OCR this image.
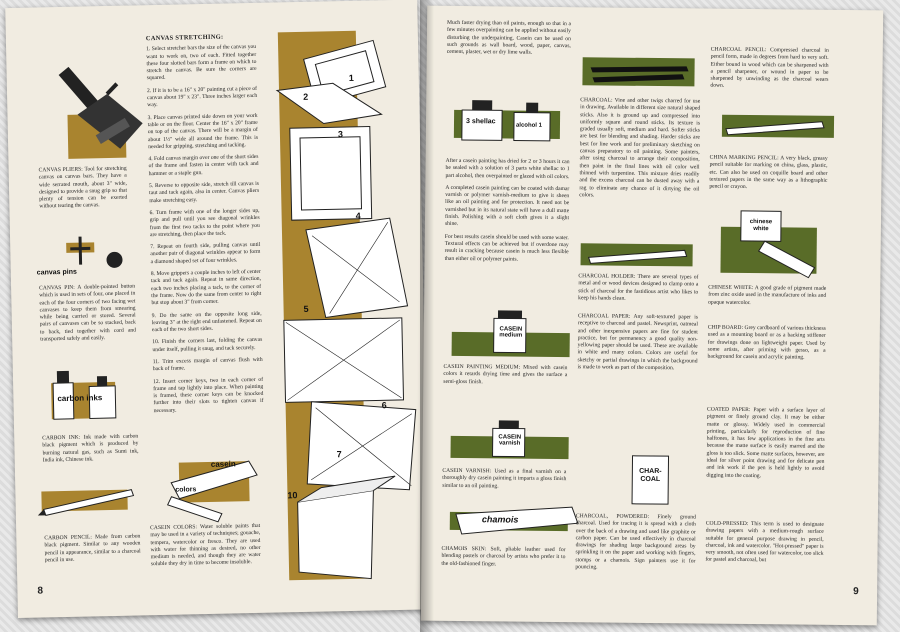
CANVAS PLIERS: Tool for stretching canvas on canvas bars. They have a wide serrated mouth, about 3" wide, designed to provide a snug grip so that plenty of tension can be exerted without tearing the canvas.
canvas pins
CANVAS PIN: A double-pointed button which is used in sets of four, one placed in each of the four corners of two facing wet canvases to keep them from smearing while being carried or stored. Several pairs of canvases can be so stacked, back to back, tied together with cord and transported safely and easily.
carbon inks
CARBON INK: Ink made with carbon black pigment which is produced by burning natural gas, such as Sumi ink, India ink, Chinese ink.
CARBON PENCIL: Made from carbon black pigment. Similar to any wooden pencil in appearance, similar to a charcoal pencil in use.
casein
colors
CASEIN COLORS: Water soluble paints that may be used in a variety of techniques; gouache, tempera, watercolor or fresco. They are used with water for thinning as desired, no other medium is needed, and though they are water soluble they dry in time to become insoluble.
CANVAS STRETCHING:

1. Select stretcher bars the size of the canvas you want to work on, two of each. Fitted together these four slotted bars form a frame on which to stretch the canvas. Be sure the corners are squared.

2. If it is to be a 16" x 20" painting cut a piece of canvas about 19" x 23". Three inches larger each way.

3. Place canvas printed side down on your work table or on the floor. Center the 16" x 20" frame on top of the canvas. There will be a margin of about 1½" wide all around the frame. This is needed for gripping, stretching and tacking.

4. Fold canvas margin over one of the short sides of the frame and fasten in center with tack and hammer or a staple gun.

5. Reverse to opposite side, stretch till canvas is taut and tack again, also in center. Canvas pliers make stretching easy.

6. Turn frame with one of the longer sides up, grip and pull until you see diagonal wrinkles from the first two tacks to the point where you are stretching, then place the tack.

7. Repeat on fourth side, pulling canvas until another pair of diagonal wrinkles appear to form a diamond shaped set of four wrinkles.

8. Move grippers a couple inches to left of center tack and tack again. Repeat in same direction, each two inches placing a tack, to the corner of the frame. Now do the same from center to right but stop about 3" from corner.

9. Do the same on the opposite long side, leaving 3" at the right end unfastened. Repeat on each of the two short sides.

10. Finish the corners last, folding the canvas under itself, pulling it snug, and tack securely.

11. Trim excess margin of canvas flush with back of frame.

12. Insert corner keys, two in each corner of frame and tap lightly into place. When painting is framed, these corner keys can be knocked further into their slots to tighten canvas if necessary.

1
2
3
4
5
6
7
10
8
Much faster drying than oil paints, enough so that in a few minutes overpainting can be applied without easily disturbing the underpainting. Casein can be used on such grounds as wall board, wood, paper, canvas, cement, plaster, wet or dry lime walls.
3 shellac
alcohol 1

After a casein painting has dried for 2 or 3 hours it can be sealed with a solution of 3 parts white shellac to 1 part alcohol, then overpainted or glazed with oil colors.

A completed casein painting can be coated with damar varnish or polymer varnish-medium to give it sheen like an oil painting and for protection. It need not be varnished but in its natural state will have a dull matte finish. Polishing with a soft cloth gives it a slight shine.

For best results casein should be used with some water. Textural effects can be achieved but if overdone may result in cracking because casein is much less flexible than either oil or polymer paints.

CASEIN medium
CASEIN PAINTING MEDIUM: Mixed with casein colors it retards drying time and gives the surface a semi-gloss finish.
CASEIN varnish
CASEIN VARNISH: Used as a final varnish on a thoroughly dry casein painting it imparts a gloss finish similar to an oil painting.
chamois
CHAMOIS SKIN: Soft, pliable leather used for blending pastels or charcoal by artists who prefer it to the old-fashioned finger.
CHARCOAL: Vine and other twigs charred for use in drawing. Available in different size natural shaped sticks. Also it is ground up and compressed into uniformly square and round sticks. Its texture is graded usually soft, medium and hard. Softer sticks are best for blending and shading. Harder sticks are best for line work and for preliminary sketching on canvas preparatory to oil painting. Some painters, after using charcoal to arrange their composition, then paint in the final lines with oil color well thinned with turpentine. This mixture dries readily and the excess charcoal can be dusted away with a rag to eliminate any chance of it dirtying the oil colors.
CHARCOAL HOLDER: There are several types of metal and or wood devices designed to clamp onto a stick of charcoal for the fastidious artist who likes to keep his hands clean.
CHARCOAL PAPER: Any soft-textured paper is receptive to charcoal and pastel. Newsprint, oatmeal and other inexpensive papers are fine for student practice, but for permanency a good quality non-yellowing paper should be used. These are available in white and many colors. Colors are useful for sketchy or partial drawings in which the background is made to work as part of the composition.
CHAR-COAL
CHARCOAL, POWDERED: Finely ground charcoal. Used for tracing it is spread with a cloth over the back of a drawing and used like graphite or carbon paper. Can be used effectively in charcoal drawings for shading large background areas by sprinkling it on the paper and working with fingers, stomps or a chamois. Sign painters use it for pouncing.
CHARCOAL PENCIL: Compressed charcoal in pencil form, made in degrees from hard to very soft. Either bound in wood which can be sharpened with a pencil sharpener, or wound in paper to be sharpened by unwinding as the charcoal wears down.
CHINA MARKING PENCIL: A very black, greasy pencil suitable for marking on china, glass, plastic, etc. Can also be used on coquille board and other textured papers in the same way as a lithographic pencil or crayon.
chinese white
CHINESE WHITE: A good grade of pigment made from zinc oxide used in the manufacture of inks and opaque watercolor.
CHIP BOARD: Grey cardboard of various thickness used as a mounting board or as a backing stiffener for drawings done on lightweight paper. Used by some artists, after priming with gesso, as a background for casein and acrylic painting.
COATED PAPER: Paper with a surface layer of pigment or finely ground clay. It may be either matte or glossy. Widely used in commercial printing, particularly for reproduction of fine halftones, it has few applications in the fine arts because the matte surface is easily marred and the gloss is too slick. Some matte surfaces, however, are ideal for silver point drawing and for delicate pen and ink work if the pen is held lightly to avoid digging into the coating.
COLD-PRESSED: This term is used to designate drawing papers with a medium-rough surface suitable for general purpose drawing in pencil, charcoal, ink and watercolor. "Hot-pressed" paper is very smooth, not often used for watercolor, too slick for pastel and charcoal, but
9
